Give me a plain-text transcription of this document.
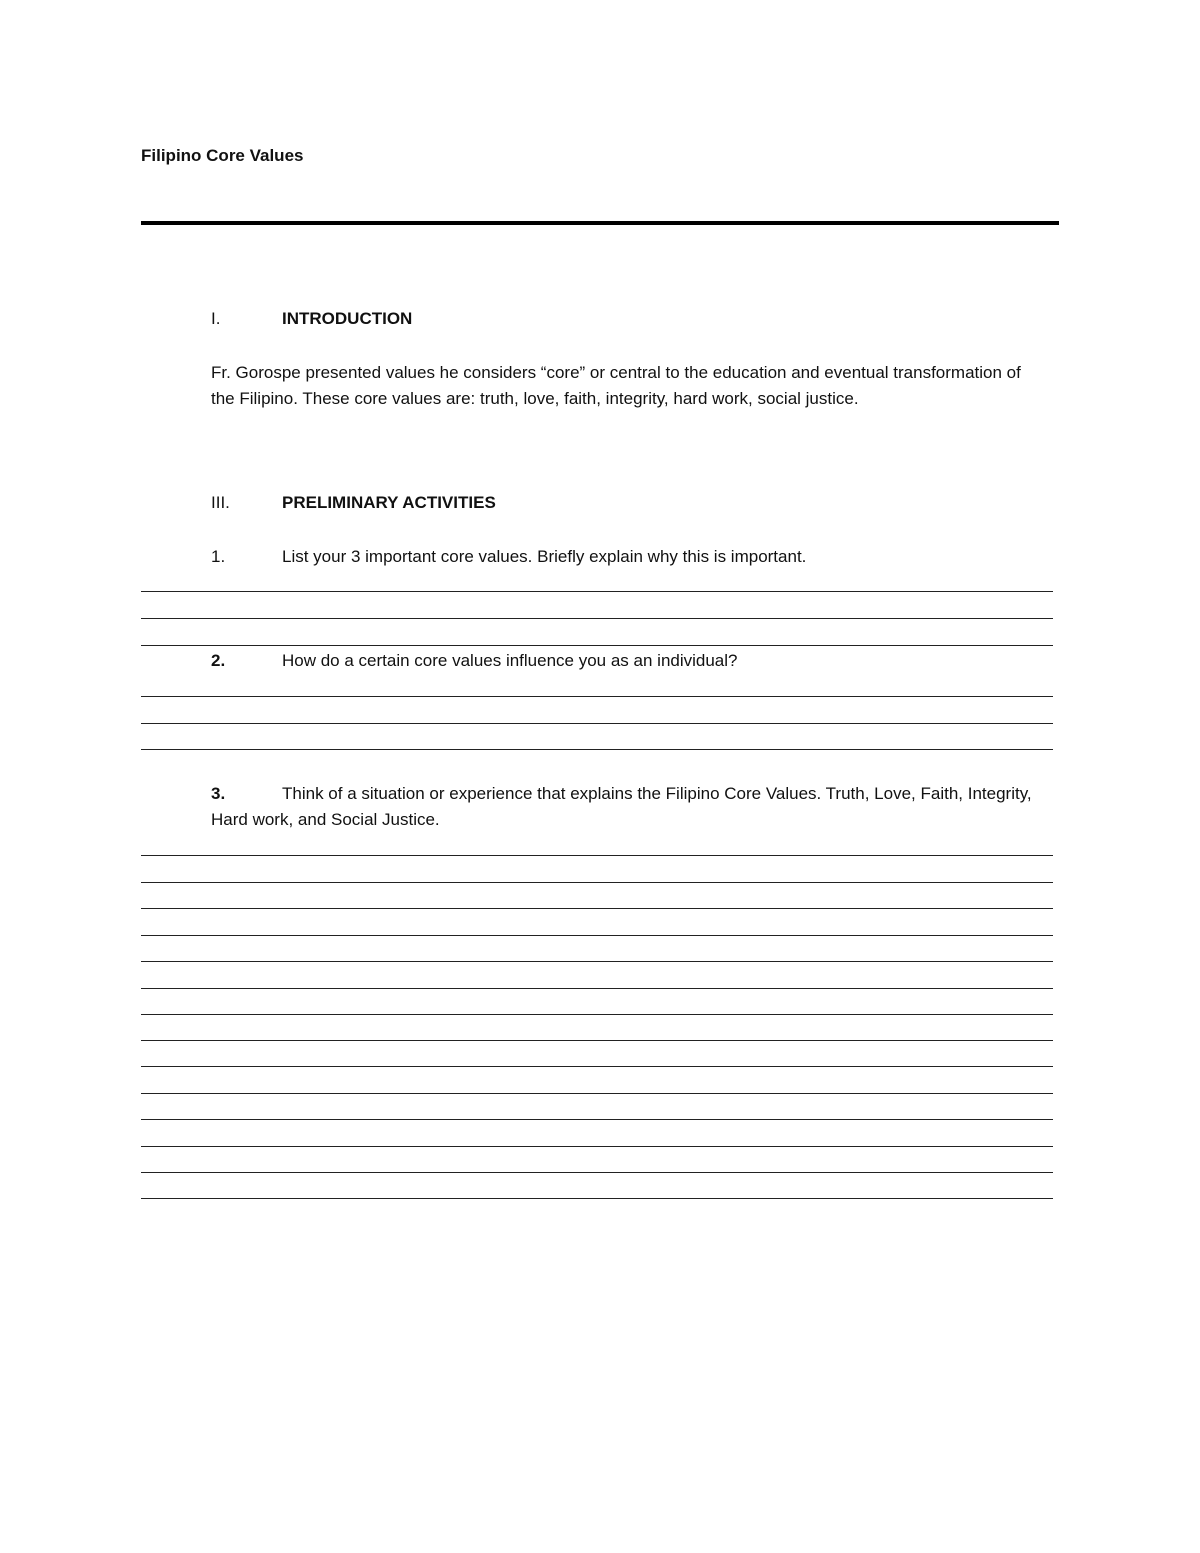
Filipino Core Values
I.	INTRODUCTION
Fr. Gorospe presented values he considers “core” or central to the education and eventual transformation of the Filipino. These core values are: truth, love, faith, integrity, hard work, social justice.
III.	PRELIMINARY ACTIVITIES
1.	List your 3 important core values. Briefly explain why this is important.
2.	How do a certain core values influence you as an individual?
3.	Think of a situation or experience that explains the Filipino Core Values. Truth, Love, Faith, Integrity, Hard work, and Social Justice.
